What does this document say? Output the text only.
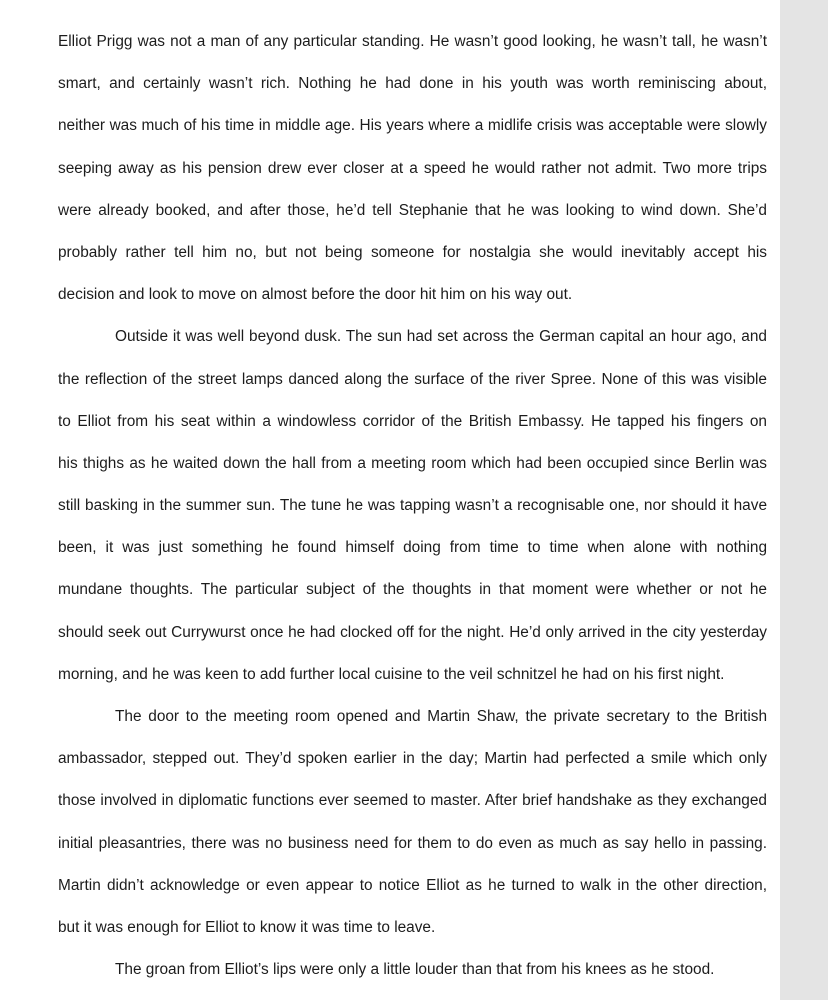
Elliot Prigg was not a man of any particular standing. He wasn’t good looking, he wasn’t tall, he wasn’t
smart, and certainly wasn’t rich. Nothing he had done in his youth was worth reminiscing about,
neither was much of his time in middle age. His years where a midlife crisis was acceptable were slowly
seeping away as his pension drew ever closer at a speed he would rather not admit. Two more trips
were already booked, and after those, he’d tell Stephanie that he was looking to wind down. She’d
probably rather tell him no, but not being someone for nostalgia she would inevitably accept his
decision and look to move on almost before the door hit him on his way out.
Outside it was well beyond dusk. The sun had set across the German capital an hour ago, and
the reflection of the street lamps danced along the surface of the river Spree. None of this was visible
to Elliot from his seat within a windowless corridor of the British Embassy. He tapped his fingers on
his thighs as he waited down the hall from a meeting room which had been occupied since Berlin was
still basking in the summer sun. The tune he was tapping wasn’t a recognisable one, nor should it have
been, it was just something he found himself doing from time to time when alone with nothing
mundane thoughts. The particular subject of the thoughts in that moment were whether or not he
should seek out Currywurst once he had clocked off for the night. He’d only arrived in the city yesterday
morning, and he was keen to add further local cuisine to the veil schnitzel he had on his first night.
The door to the meeting room opened and Martin Shaw, the private secretary to the British
ambassador, stepped out. They’d spoken earlier in the day; Martin had perfected a smile which only
those involved in diplomatic functions ever seemed to master. After brief handshake as they exchanged
initial pleasantries, there was no business need for them to do even as much as say hello in passing.
Martin didn’t acknowledge or even appear to notice Elliot as he turned to walk in the other direction,
but it was enough for Elliot to know it was time to leave.
The groan from Elliot’s lips were only a little louder than that from his knees as he stood.
